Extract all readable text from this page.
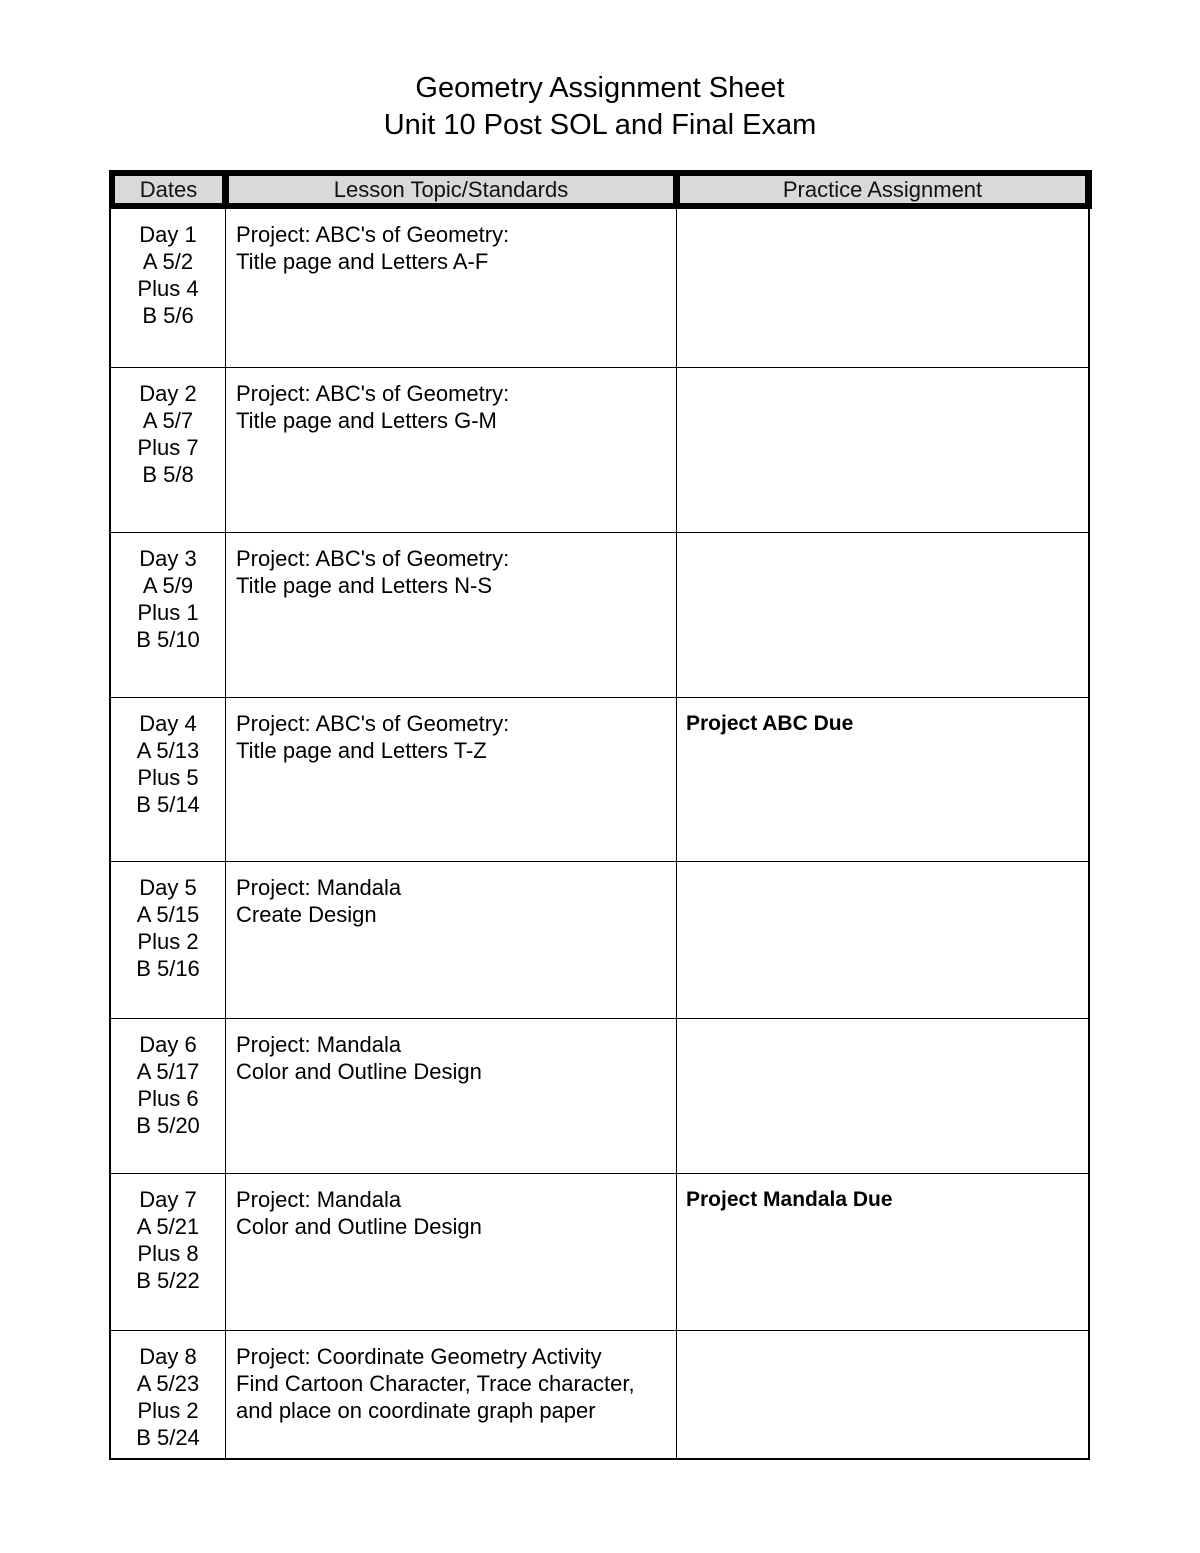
Geometry Assignment Sheet
Unit 10 Post SOL and Final Exam
Dates	Lesson Topic/Standards	Practice Assignment
Day 1
A 5/2
Plus 4
B 5/6
Project: ABC's of Geometry:
Title page and Letters A-F
Day 2
A 5/7
Plus 7
B 5/8
Project: ABC's of Geometry:
Title page and Letters G-M
Day 3
A 5/9
Plus 1
B 5/10
Project: ABC's of Geometry:
Title page and Letters N-S
Day 4
A 5/13
Plus 5
B 5/14
Project: ABC's of Geometry:
Title page and Letters T-Z
Project ABC Due
Day 5
A 5/15
Plus 2
B 5/16
Project: Mandala
Create Design
Day 6
A 5/17
Plus 6
B 5/20
Project: Mandala
Color and Outline Design
Day 7
A 5/21
Plus 8
B 5/22
Project: Mandala
Color and Outline Design
Project Mandala Due
Day 8
A 5/23
Plus 2
B 5/24
Project: Coordinate Geometry Activity
Find Cartoon Character, Trace character,
and place on coordinate graph paper
